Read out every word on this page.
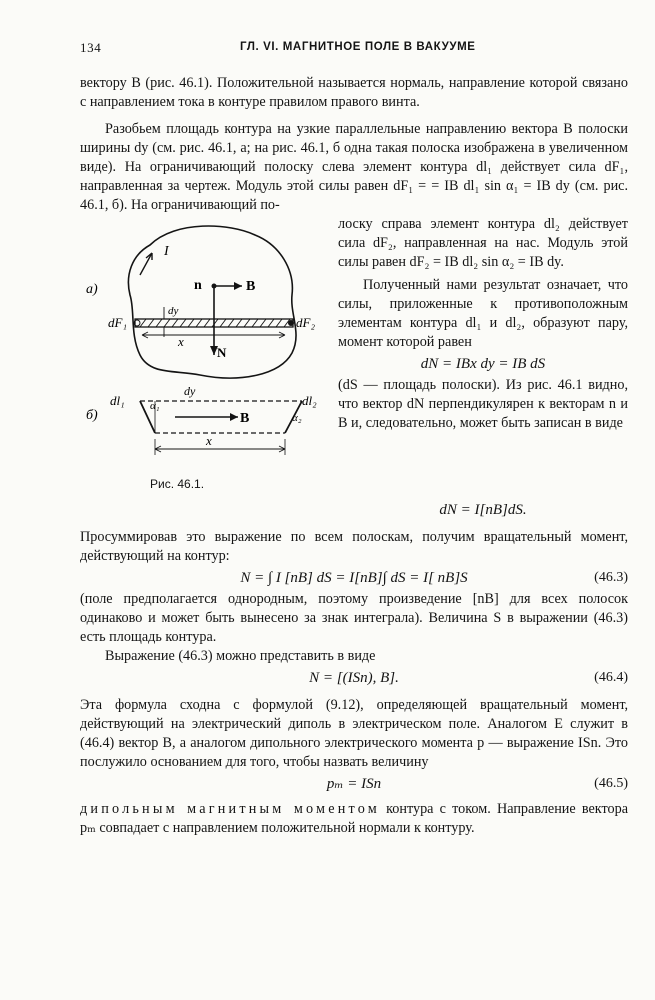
134	ГЛ. VI. МАГНИТНОЕ ПОЛЕ В ВАКУУМЕ

вектору B (рис. 46.1). Положительной называется нормаль, направление которой связано с направлением тока в контуре правилом правого винта.

Разобьем площадь контура на узкие параллельные направлению вектора B полоски ширины dy (см. рис. 46.1, а; на рис. 46.1, б одна такая полоска изображена в увеличенном виде). На ограничивающий полоску слева элемент контура dl₁ действует сила dF₁, направленная за чертеж. Модуль этой силы равен dF₁ = = IB dl₁ sin α₁ = IB dy (см. рис. 46.1, б). На ограничивающий по-

I
а)	n	B
N
dy
x
dF₁	dF₂
б)
dy
B
dl₁	dl₂
α₁
α₂
x
Рис. 46.1.

лоску справа элемент контура dl₂ действует сила dF₂, направленная на нас. Модуль этой силы равен dF₂ = IB dl₂ sin α₂ = IB dy.

Полученный нами результат означает, что силы, приложенные к противоположным элементам контура dl₁ и dl₂, образуют пару, момент которой равен

dN = IBx dy = IB dS

(dS — площадь полоски). Из рис. 46.1 видно, что вектор dN перпендикулярен к векторам n и B и, следовательно, может быть записан в виде

dN = I[nB]dS.

Просуммировав это выражение по всем полоскам, получим вращательный момент, действующий на контур:

N = ∫ I [nB] dS = I[nB]∫ dS = I[ nB]S	(46.3)

(поле предполагается однородным, поэтому произведение [nB] для всех полосок одинаково и может быть вынесено за знак интеграла). Величина S в выражении (46.3) есть площадь контура.

Выражение (46.3) можно представить в виде

N = [(ISn), B].	(46.4)

Эта формула сходна с формулой (9.12), определяющей вращательный момент, действующий на электрический диполь в электрическом поле. Аналогом E служит в (46.4) вектор B, а аналогом дипольного электрического момента p — выражение ISn. Это послужило основанием для того, чтобы назвать величину

pₘ = ISn	(46.5)

дипольным магнитным моментом контура с током. Направление вектора pₘ совпадает с направлением положительной нормали к контуру.
